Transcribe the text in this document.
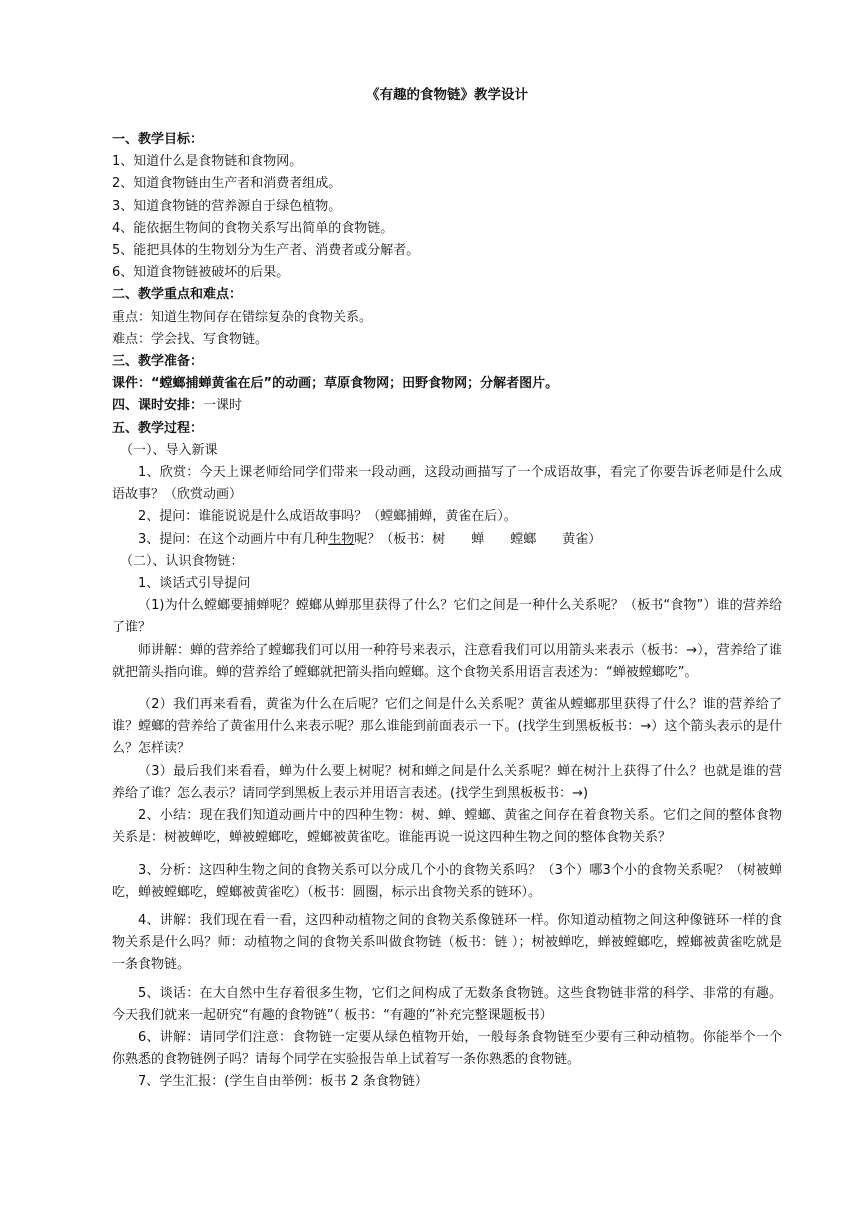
《有趣的食物链》教学设计
一、教学目标：
1、知道什么是食物链和食物网。
2、知道食物链由生产者和消费者组成。
3、知道食物链的营养源自于绿色植物。
4、能依据生物间的食物关系写出简单的食物链。
5、能把具体的生物划分为生产者、消费者或分解者。
6、知道食物链被破坏的后果。
二、教学重点和难点：
重点：知道生物间存在错综复杂的食物关系。
难点：学会找、写食物链。
三、教学准备：
课件：“螳螂捕蝉黄雀在后”的动画；草原食物网；田野食物网；分解者图片。
四、课时安排：一课时
五、教学过程：
（一）、导入新课
1、欣赏：今天上课老师给同学们带来一段动画，这段动画描写了一个成语故事，看完了你要告诉老师是什么成语故事？（欣赏动画）
2、提问：谁能说说是什么成语故事吗？（螳螂捕蝉，黄雀在后）。
3、提问：在这个动画片中有几种生物呢？（板书：树　　蝉　　螳螂　　黄雀）
（二）、认识食物链：
1、谈话式引导提问
（1)为什么螳螂要捕蝉呢？螳螂从蝉那里获得了什么？它们之间是一种什么关系呢？（板书“食物”）谁的营养给了谁？
师讲解：蝉的营养给了螳螂我们可以用一种符号来表示，注意看我们可以用箭头来表示（板书：→），营养给了谁就把箭头指向谁。蝉的营养给了螳螂就把箭头指向螳螂。这个食物关系用语言表述为：“蝉被螳螂吃”。
（2）我们再来看看，黄雀为什么在后呢？它们之间是什么关系呢？黄雀从螳螂那里获得了什么？谁的营养给了谁？螳螂的营养给了黄雀用什么来表示呢？那么谁能到前面表示一下。(找学生到黑板板书：→）这个箭头表示的是什么？怎样读？
（3）最后我们来看看，蝉为什么要上树呢？树和蝉之间是什么关系呢？蝉在树汁上获得了什么？也就是谁的营养给了谁？怎么表示？请同学到黑板上表示并用语言表述。(找学生到黑板板书：→)
2、小结：现在我们知道动画片中的四种生物：树、蝉、螳螂、黄雀之间存在着食物关系。它们之间的整体食物关系是：树被蝉吃，蝉被螳螂吃，螳螂被黄雀吃。谁能再说一说这四种生物之间的整体食物关系？
3、分析：这四种生物之间的食物关系可以分成几个小的食物关系吗？（3个）哪3个小的食物关系呢？（树被蝉吃，蝉被螳螂吃，螳螂被黄雀吃）（板书：圆圈，标示出食物关系的链环）。
4、讲解：我们现在看一看，这四种动植物之间的食物关系像链环一样。你知道动植物之间这种像链环一样的食物关系是什么吗？师：动植物之间的食物关系叫做食物链（板书：链 ）；树被蝉吃，蝉被螳螂吃，螳螂被黄雀吃就是一条食物链。
5、谈话：在大自然中生存着很多生物，它们之间构成了无数条食物链。这些食物链非常的科学、非常的有趣。今天我们就来一起研究“有趣的食物链”（ 板书：“有趣的”补充完整课题板书）
6、讲解：请同学们注意：食物链一定要从绿色植物开始，一般每条食物链至少要有三种动植物。你能举个一个你熟悉的食物链例子吗？请每个同学在实验报告单上试着写一条你熟悉的食物链。
7、学生汇报：(学生自由举例：板书 2 条食物链）
